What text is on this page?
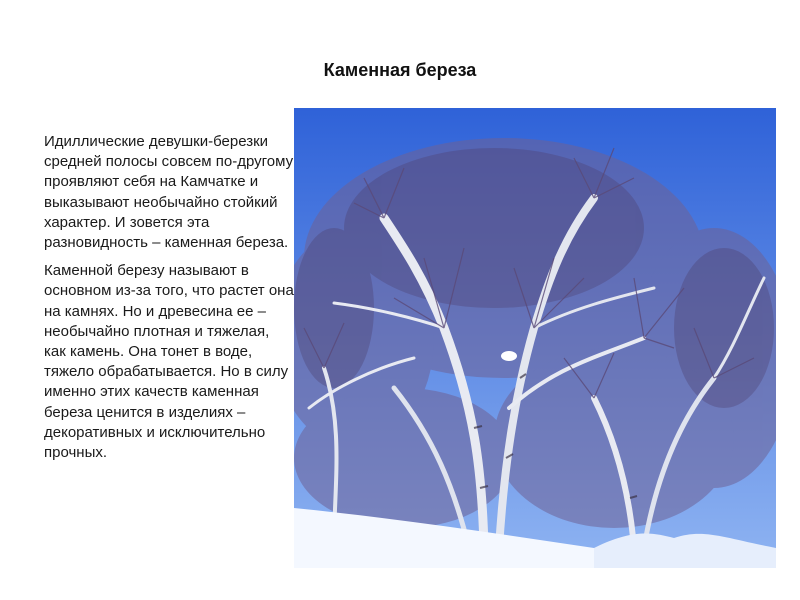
Каменная береза

Идиллические девушки-березки средней полосы совсем по-другому проявляют себя на Камчатке и выказывают необычайно стойкий характер. И зовется эта разновидность – каменная береза.

Каменной березу называют в основном из-за того, что растет она на камнях. Но и древесина ее – необычайно плотная и тяжелая, как камень. Она тонет в воде, тяжело обрабатывается. Но в силу именно этих качеств каменная береза ценится в изделиях – декоративных и исключительно прочных.
